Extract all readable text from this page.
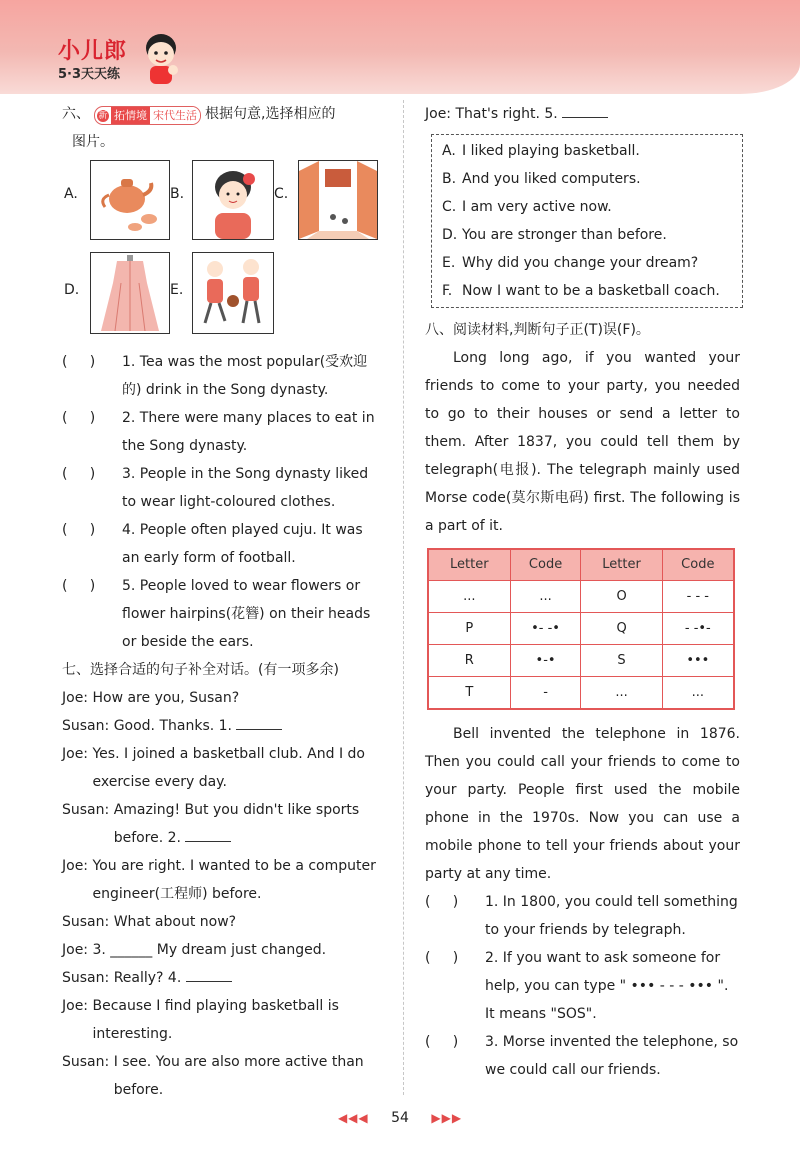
小儿郎
5·3天天练
六、 新 拓情境 宋代生活 根据句意,选择相应的
图片。
A.	B.	C.
D.	E.
(     )	1. Tea was the most popular(受欢迎的) drink in the Song dynasty.
(     )	2. There were many places to eat in the Song dynasty.
(     )	3. People in the Song dynasty liked to wear light-coloured clothes.
(     )	4. People often played cuju. It was an early form of football.
(     )	5. People loved to wear flowers or flower hairpins(花簪) on their heads or beside the ears.
七、选择合适的句子补全对话。(有一项多余)
Joe: How are you, Susan?
Susan: Good. Thanks. 1.
Joe: Yes. I joined a basketball club. And I do exercise every day.
Susan: Amazing! But you didn't like sports before. 2.
Joe: You are right. I wanted to be a computer engineer(工程师) before.
Susan: What about now?
Joe: 3. ______ My dream just changed.
Susan: Really? 4.
Joe: Because I find playing basketball is interesting.
Susan: I see. You are also more active than before.
Joe: That's right. 5.
A. I liked playing basketball.
B. And you liked computers.
C. I am very active now.
D. You are stronger than before.
E. Why did you change your dream?
F. Now I want to be a basketball coach.
八、阅读材料,判断句子正(T)误(F)。
Long long ago, if you wanted your friends to come to your party, you needed to go to their houses or send a letter to them. After 1837, you could tell them by telegraph(电报). The telegraph mainly used Morse code(莫尔斯电码) first. The following is a part of it.
Letter	Code	Letter	Code
...	...	O	- - -
P	•- -•	Q	- -•-
R	•-•	S	•••
T	-	...	...
Bell invented the telephone in 1876. Then you could call your friends to come to your party. People first used the mobile phone in the 1970s. Now you can use a mobile phone to tell your friends about your party at any time.
(     )	1. In 1800, you could tell something to your friends by telegraph.
(     )	2. If you want to ask someone for help, you can type " ••• - - - ••• ". It means "SOS".
(     )	3. Morse invented the telephone, so we could call our friends.
◀◀◀ 54 ▶▶▶
